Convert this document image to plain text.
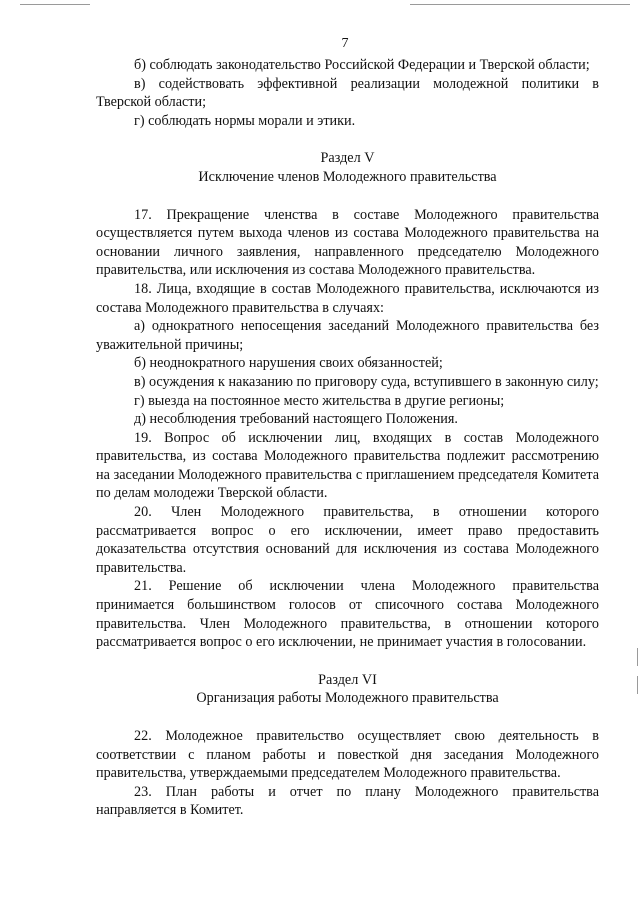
7

б) соблюдать законодательство Российской Федерации и Тверской области;

в) содействовать эффективной реализации молодежной политики в Тверской области;

г) соблюдать нормы морали и этики.

Раздел V

Исключение членов Молодежного правительства

17. Прекращение членства в составе Молодежного правительства осуществляется путем выхода членов из состава Молодежного правительства на основании личного заявления, направленного председателю Молодежного правительства, или исключения из состава Молодежного правительства.

18. Лица, входящие в состав Молодежного правительства, исключаются из состава Молодежного правительства в случаях:

а) однократного непосещения заседаний Молодежного правительства без уважительной причины;

б) неоднократного нарушения своих обязанностей;

в) осуждения к наказанию по приговору суда, вступившего в законную силу;

г) выезда на постоянное место жительства в другие регионы;

д) несоблюдения требований настоящего Положения.

19. Вопрос об исключении лиц, входящих в состав Молодежного правительства, из состава Молодежного правительства подлежит рассмотрению на заседании Молодежного правительства с приглашением председателя Комитета по делам молодежи Тверской области.

20. Член Молодежного правительства, в отношении которого рассматривается вопрос о его исключении, имеет право предоставить доказательства отсутствия оснований для исключения из состава Молодежного правительства.

21. Решение об исключении члена Молодежного правительства принимается большинством голосов от списочного состава Молодежного правительства. Член Молодежного правительства, в отношении которого рассматривается вопрос о его исключении, не принимает участия в голосовании.

Раздел VI

Организация работы Молодежного правительства

22. Молодежное правительство осуществляет свою деятельность в соответствии с планом работы и повесткой дня заседания Молодежного правительства, утверждаемыми председателем Молодежного правительства.

23. План работы и отчет по плану Молодежного правительства направляется в Комитет.
